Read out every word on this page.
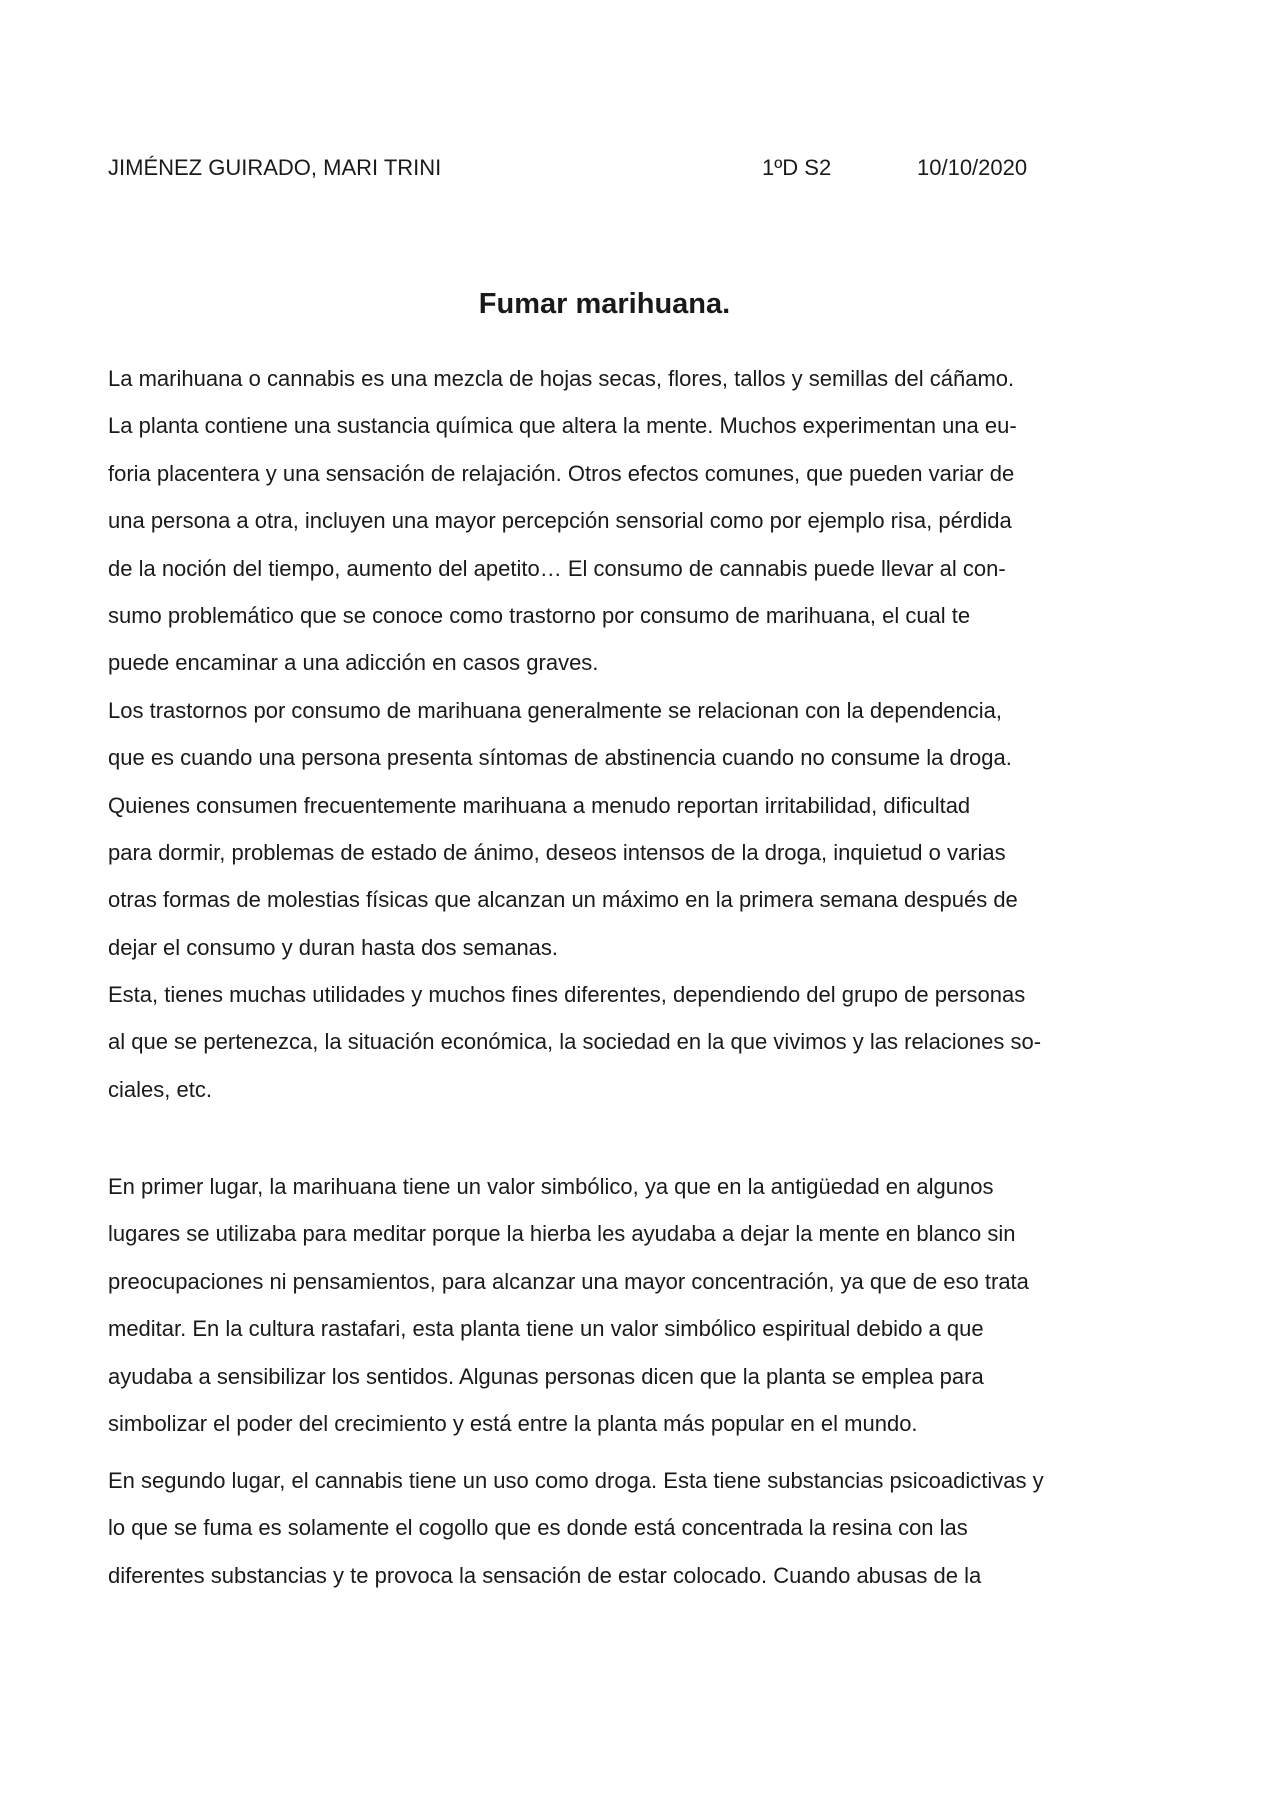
JIMÉNEZ GUIRADO, MARI TRINI	1ºD S2	10/10/2020
Fumar marihuana.
La marihuana o cannabis es una mezcla de hojas secas, flores, tallos y semillas del cáñamo.
La planta contiene una sustancia química que altera la mente. Muchos experimentan una eu-
foria placentera y una sensación de relajación. Otros efectos comunes, que pueden variar de
una persona a otra, incluyen una mayor percepción sensorial como por ejemplo risa, pérdida
de la noción del tiempo, aumento del apetito… El consumo de cannabis puede llevar al con-
sumo problemático que se conoce como trastorno por consumo de marihuana, el cual te
puede encaminar a una adicción en casos graves.
Los trastornos por consumo de marihuana generalmente se relacionan con la dependencia,
que es cuando una persona presenta síntomas de abstinencia cuando no consume la droga.
Quienes consumen frecuentemente marihuana a menudo reportan irritabilidad, dificultad
para dormir, problemas de estado de ánimo, deseos intensos de la droga, inquietud o varias
otras formas de molestias físicas que alcanzan un máximo en la primera semana después de
dejar el consumo y duran hasta dos semanas.
Esta, tienes muchas utilidades y muchos fines diferentes, dependiendo del grupo de personas
al que se pertenezca, la situación económica, la sociedad en la que vivimos y las relaciones so-
ciales, etc.
En primer lugar, la marihuana tiene un valor simbólico, ya que en la antigüedad en algunos
lugares se utilizaba para meditar porque la hierba les ayudaba a dejar la mente en blanco sin
preocupaciones ni pensamientos, para alcanzar una mayor concentración, ya que de eso trata
meditar. En la cultura rastafari, esta planta tiene un valor simbólico espiritual debido a que
ayudaba a sensibilizar los sentidos. Algunas personas dicen que la planta se emplea para
simbolizar el poder del crecimiento y está entre la planta más popular en el mundo.
En segundo lugar, el cannabis tiene un uso como droga. Esta tiene substancias psicoadictivas y
lo que se fuma es solamente el cogollo que es donde está concentrada la resina con las
diferentes substancias y te provoca la sensación de estar colocado. Cuando abusas de la
